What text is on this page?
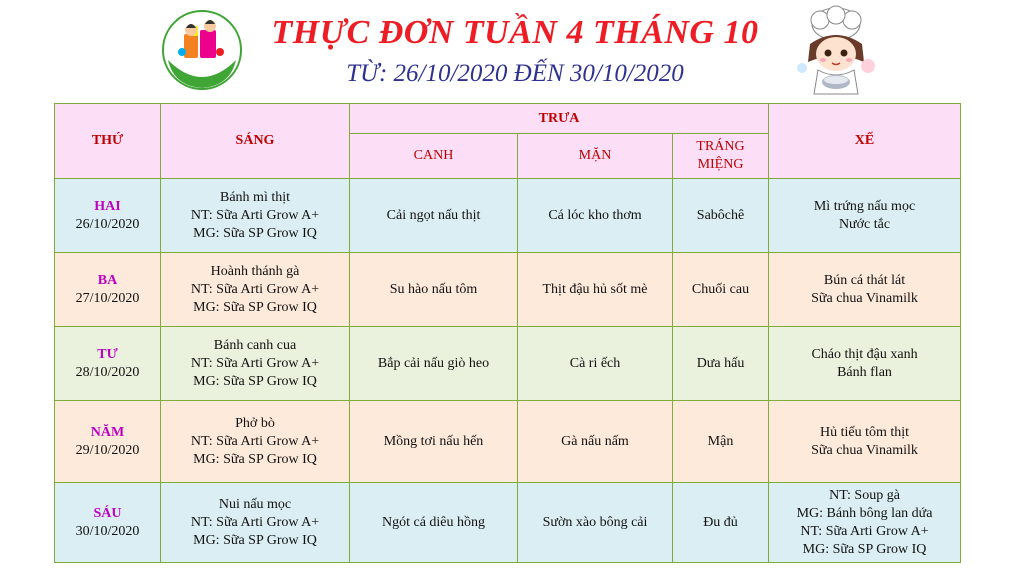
THỰC ĐƠN TUẦN 4 THÁNG 10
TỪ: 26/10/2020 ĐẾN 30/10/2020
THỨ	SÁNG	TRƯA			XẾ
		CANH	MẶN	TRÁNG
MIỆNG	

HAI
26/10/2020	Bánh mì thịt
NT: Sữa Arti Grow A+
MG: Sữa SP Grow IQ	Cải ngọt nấu thịt	Cá lóc kho thơm	Sabôchê	Mì trứng nấu mọc
Nước tắc

BA
27/10/2020	Hoành thánh gà
NT: Sữa Arti Grow A+
MG: Sữa SP Grow IQ	Su hào nấu tôm	Thịt đậu hủ sốt mè	Chuối cau	Bún cá thát lát
Sữa chua Vinamilk

TƯ
28/10/2020	Bánh canh cua
NT: Sữa Arti Grow A+
MG: Sữa SP Grow IQ	Bắp cải nấu giò heo	Cà ri ếch	Dưa hấu	Cháo thịt đậu xanh
Bánh flan

NĂM
29/10/2020	Phở bò
NT: Sữa Arti Grow A+
MG: Sữa SP Grow IQ	Mồng tơi nấu hến	Gà nấu nấm	Mận	Hủ tiếu tôm thịt
Sữa chua Vinamilk

SÁU
30/10/2020	Nui nấu mọc
NT: Sữa Arti Grow A+
MG: Sữa SP Grow IQ	Ngót cá diêu hồng	Sườn xào bông cải	Đu đủ	NT: Soup gà
MG: Bánh bông lan dứa
NT: Sữa Arti Grow A+
MG: Sữa SP Grow IQ
